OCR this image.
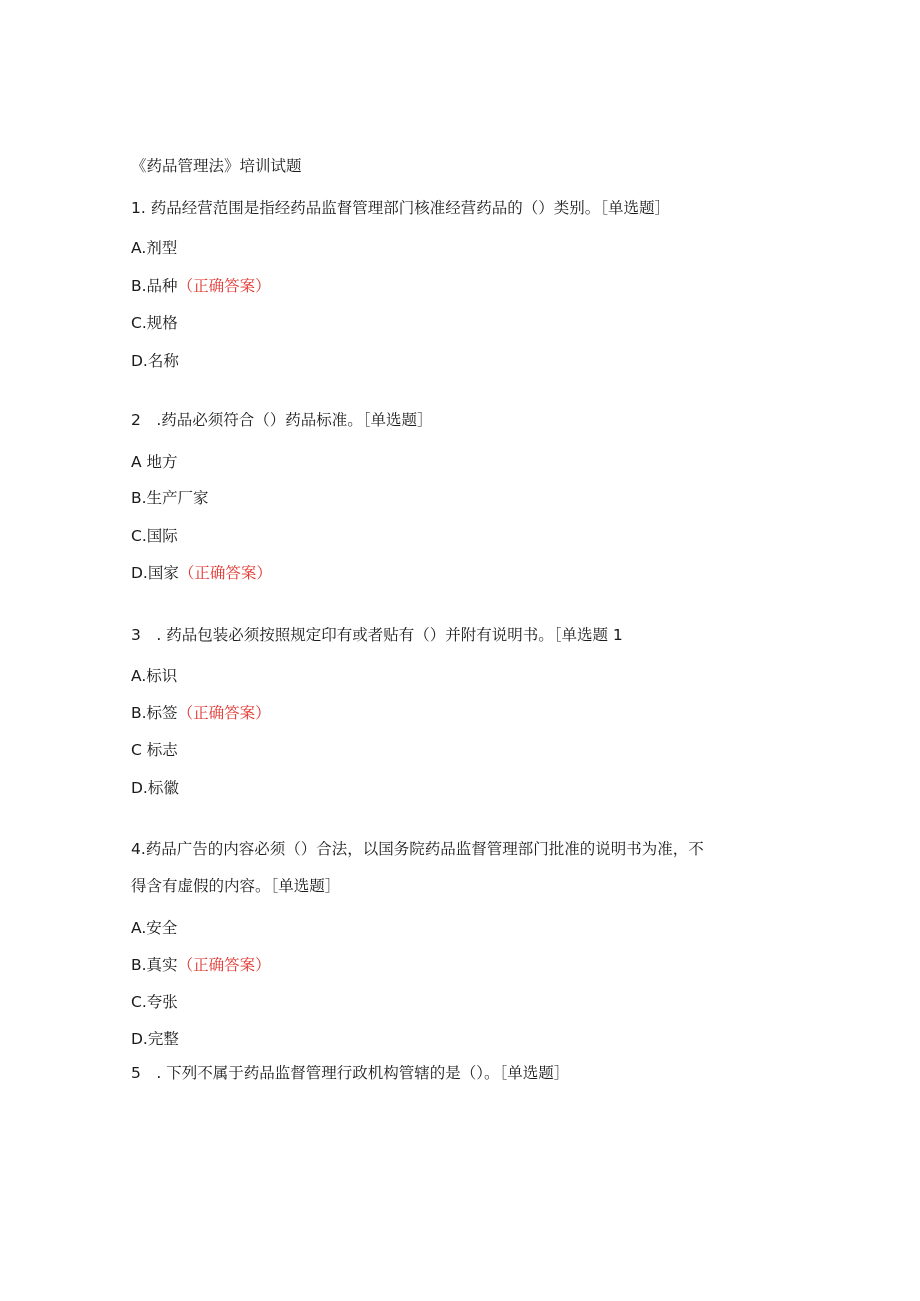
《药品管理法》培训试题
1. 药品经营范围是指经药品监督管理部门核准经营药品的（）类别。［单选题］
A.剂型
B.品种（正确答案）
C.规格
D.名称
2　.药品必须符合（）药品标准。［单选题］
A 地方
B.生产厂家
C.国际
D.国家（正确答案）
3　. 药品包装必须按照规定印有或者贴有（）并附有说明书。［单选题 1
A.标识
B.标签（正确答案）
C 标志
D.标徽
4.药品广告的内容必须（）合法，以国务院药品监督管理部门批准的说明书为准，不
得含有虚假的内容。［单选题］
A.安全
B.真实（正确答案）
C.夸张
D.完整
5　. 下列不属于药品监督管理行政机构管辖的是（）。［单选题］
